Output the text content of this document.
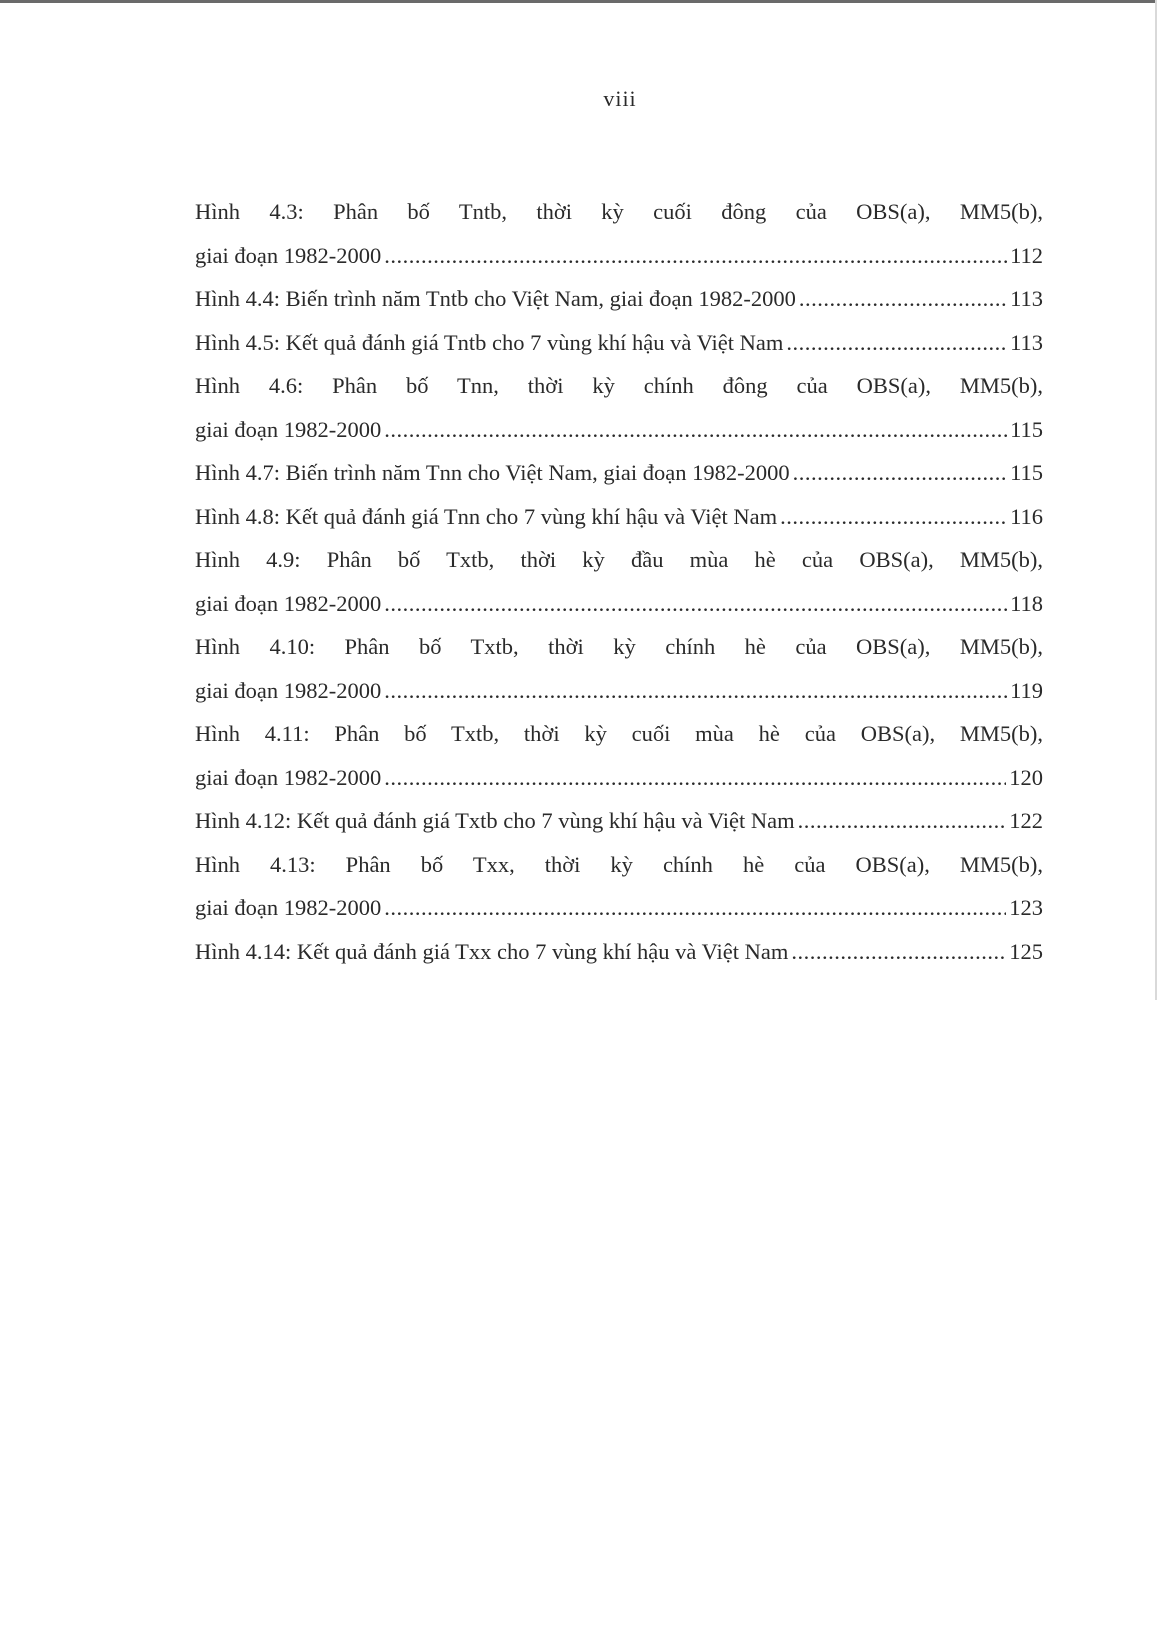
viii
Hình 4.3: Phân bố Tntb, thời kỳ cuối đông của OBS(a), MM5(b),
giai đoạn 1982-2000 .....	112
Hình 4.4: Biến trình năm Tntb cho Việt Nam, giai đoạn 1982-2000 .....	113
Hình 4.5: Kết quả đánh giá Tntb cho 7 vùng khí hậu và Việt Nam .....	113
Hình 4.6: Phân bố Tnn, thời kỳ chính đông của OBS(a), MM5(b),
giai đoạn 1982-2000 .....	115
Hình 4.7: Biến trình năm Tnn cho Việt Nam, giai đoạn 1982-2000 .....	115
Hình 4.8: Kết quả đánh giá Tnn cho 7 vùng khí hậu và Việt Nam .....	116
Hình 4.9: Phân bố Txtb, thời kỳ đầu mùa hè của OBS(a), MM5(b),
giai đoạn 1982-2000 .....	118
Hình 4.10: Phân bố Txtb, thời kỳ chính hè của OBS(a), MM5(b),
giai đoạn 1982-2000 .....	119
Hình 4.11: Phân bố Txtb, thời kỳ cuối mùa hè của OBS(a), MM5(b),
giai đoạn 1982-2000 .....	120
Hình 4.12: Kết quả đánh giá Txtb cho 7 vùng khí hậu và Việt Nam .....	122
Hình 4.13: Phân bố Txx, thời kỳ chính hè của OBS(a), MM5(b),
giai đoạn 1982-2000 .....	123
Hình 4.14: Kết quả đánh giá Txx cho 7 vùng khí hậu và Việt Nam .....	125
